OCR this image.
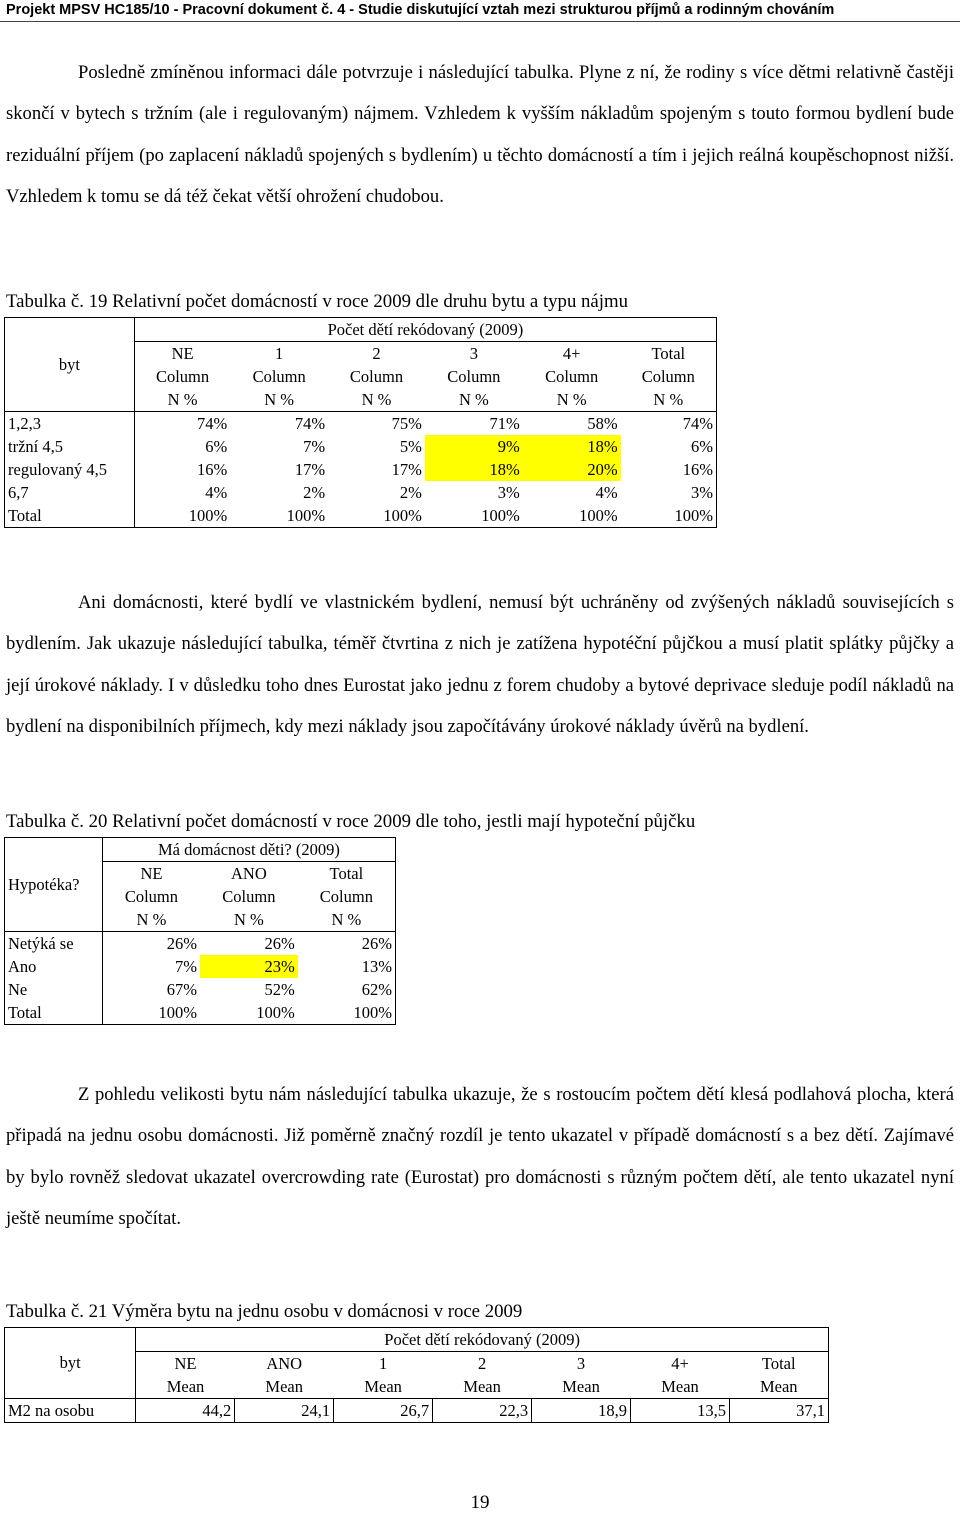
Projekt MPSV HC185/10 - Pracovní dokument č. 4 - Studie diskutující vztah mezi strukturou příjmů a rodinným chováním

Posledně zmíněnou informaci dále potvrzuje i následující tabulka. Plyne z ní, že rodiny s více dětmi relativně častěji skončí v bytech s tržním (ale i regulovaným) nájmem. Vzhledem k vyšším nákladům spojeným s touto formou bydlení bude reziduální příjem (po zaplacení nákladů spojených s bydlením) u těchto domácností a tím i jejich reálná koupěschopnost nižší. Vzhledem k tomu se dá též čekat větší ohrožení chudobou.

Tabulka č. 19 Relativní počet domácností v roce 2009 dle druhu bytu a typu nájmu

byt	Počet dětí rekódovaný (2009)					
	NE	1	2	3	4+	Total
	Column	Column	Column	Column	Column	Column
	N %	N %	N %	N %	N %	N %
1,2,3	74%	74%	75%	71%	58%	74%
tržní 4,5	6%	7%	5%	9%	18%	6%
regulovaný 4,5	16%	17%	17%	18%	20%	16%
6,7	4%	2%	2%	3%	4%	3%
Total	100%	100%	100%	100%	100%	100%

Ani domácnosti, které bydlí ve vlastnickém bydlení, nemusí být uchráněny od zvýšených nákladů souvisejících s bydlením. Jak ukazuje následující tabulka, téměř čtvrtina z nich je zatížena hypotéční půjčkou a musí platit splátky půjčky a její úrokové náklady. I v důsledku toho dnes Eurostat jako jednu z forem chudoby a bytové deprivace sleduje podíl nákladů na bydlení na disponibilních příjmech, kdy mezi náklady jsou započítávány úrokové náklady úvěrů na bydlení.

Tabulka č. 20 Relativní počet domácností v roce 2009 dle toho, jestli mají hypoteční půjčku

Hypotéka?	Má domácnost děti? (2009)		
	NE	ANO	Total
	Column	Column	Column
	N %	N %	N %
Netýká se	26%	26%	26%
Ano	7%	23%	13%
Ne	67%	52%	62%
Total	100%	100%	100%

Z pohledu velikosti bytu nám následující tabulka ukazuje, že s rostoucím počtem dětí klesá podlahová plocha, která připadá na jednu osobu domácnosti. Již poměrně značný rozdíl je tento ukazatel v případě domácností s a bez dětí. Zajímavé by bylo rovněž sledovat ukazatel overcrowding rate (Eurostat) pro domácnosti s různým počtem dětí, ale tento ukazatel nyní ještě neumíme spočítat.

Tabulka č. 21 Výměra bytu na jednu osobu v domácnosi v roce 2009

byt	Počet dětí rekódovaný (2009)						
	NE	ANO	1	2	3	4+	Total
	Mean	Mean	Mean	Mean	Mean	Mean	Mean
M2 na osobu	44,2	24,1	26,7	22,3	18,9	13,5	37,1
19
